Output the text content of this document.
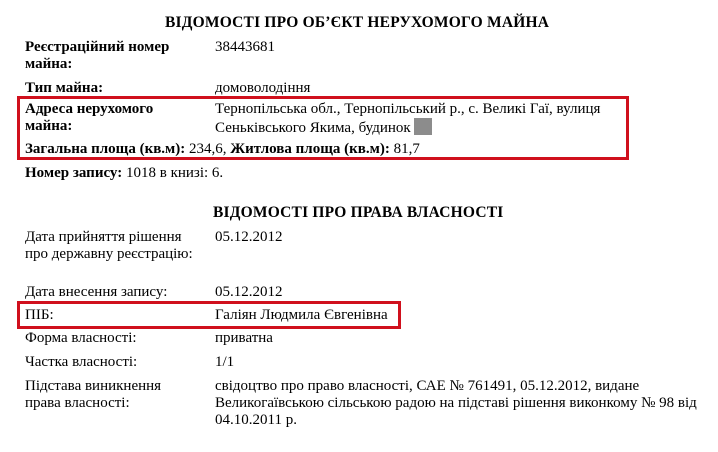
ВІДОМОСТІ ПРО ОБ’ЄКТ НЕРУХОМОГО МАЙНА
Реєстраційний номер майна:
38443681
Тип майна:	домоволодіння
Адреса нерухомого майна:
Тернопільська обл., Тернопільський р., с. Великі Гаї, вулиця
Сеньківського Якима, будинок
Загальна площа (кв.м): 234,6, Житлова площа (кв.м): 81,7
Номер запису: 1018 в книзі: 6.
ВІДОМОСТІ ПРО ПРАВА ВЛАСНОСТІ
Дата прийняття рішення про державну реєстрацію:
05.12.2012
Дата внесення запису:	05.12.2012
ПІБ:	Галіян Людмила Євгенівна
Форма власності:	приватна
Частка власності:	1/1
Підстава виникнення права власності:
свідоцтво про право власності, САЕ № 761491, 05.12.2012, видане Великогаївською сільською радою на підставі рішення виконкому № 98 від 04.10.2011 р.
